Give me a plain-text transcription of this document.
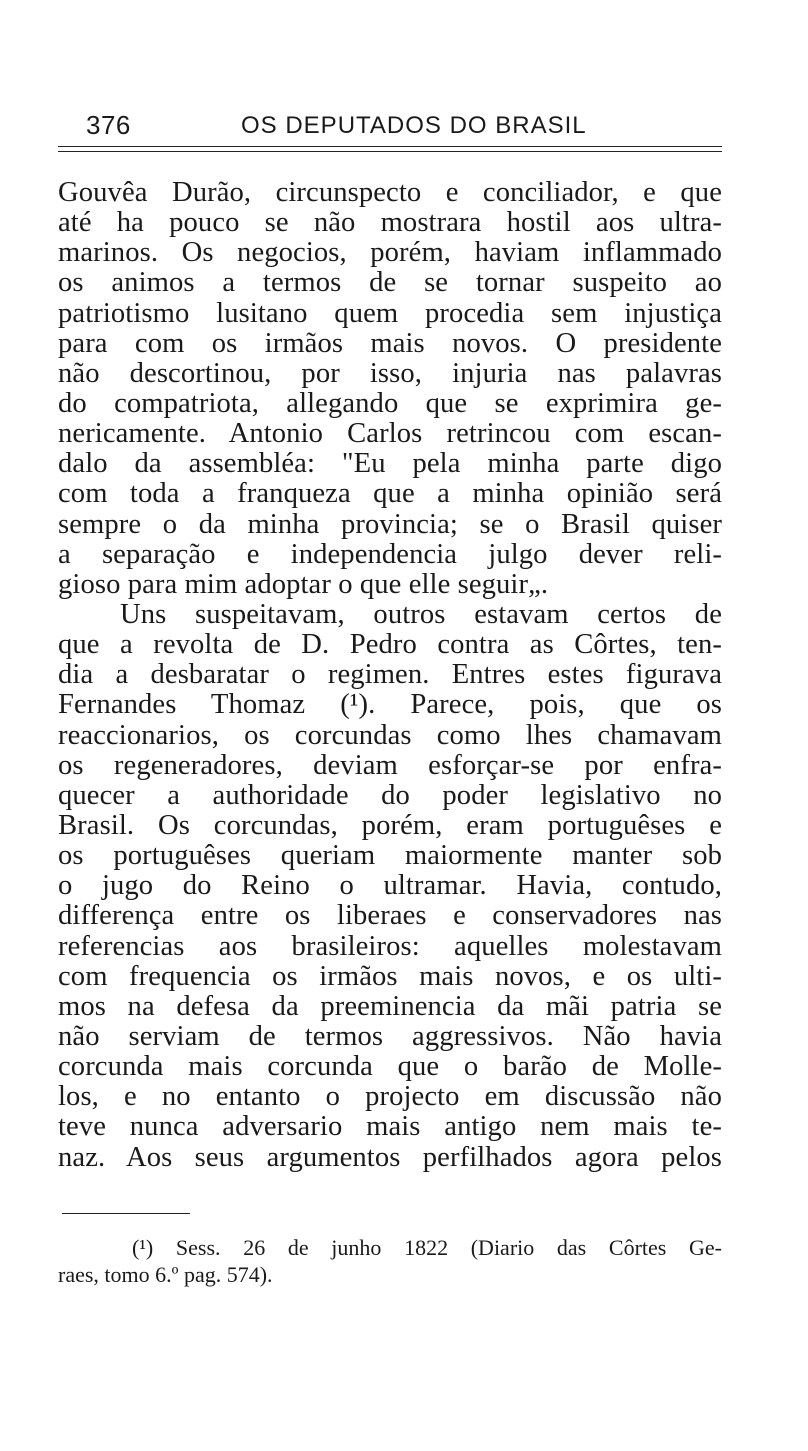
376	OS DEPUTADOS DO BRASIL
Gouvêa Durão, circunspecto e conciliador, e que
até ha pouco se não mostrara hostil aos ultra-
marinos. Os negocios, porém, haviam inflammado
os animos a termos de se tornar suspeito ao
patriotismo lusitano quem procedia sem injustiça
para com os irmãos mais novos. O presidente
não descortinou, por isso, injuria nas palavras
do compatriota, allegando que se exprimira ge-
nericamente. Antonio Carlos retrincou com escan-
dalo da assembléa: "Eu pela minha parte digo
com toda a franqueza que a minha opinião será
sempre o da minha provincia; se o Brasil quiser
a separação e independencia julgo dever reli-
gioso para mim adoptar o que elle seguir„.
Uns suspeitavam, outros estavam certos de
que a revolta de D. Pedro contra as Côrtes, ten-
dia a desbaratar o regimen. Entres estes figurava
Fernandes Thomaz (¹). Parece, pois, que os
reaccionarios, os corcundas como lhes chamavam
os regeneradores, deviam esforçar-se por enfra-
quecer a authoridade do poder legislativo no
Brasil. Os corcundas, porém, eram portuguêses e
os portuguêses queriam maiormente manter sob
o jugo do Reino o ultramar. Havia, contudo,
differença entre os liberaes e conservadores nas
referencias aos brasileiros: aquelles molestavam
com frequencia os irmãos mais novos, e os ulti-
mos na defesa da preeminencia da mãi patria se
não serviam de termos aggressivos. Não havia
corcunda mais corcunda que o barão de Molle-
los, e no entanto o projecto em discussão não
teve nunca adversario mais antigo nem mais te-
naz. Aos seus argumentos perfilhados agora pelos
(¹) Sess. 26 de junho 1822 (Diario das Côrtes Ge-
raes, tomo 6.º pag. 574).
